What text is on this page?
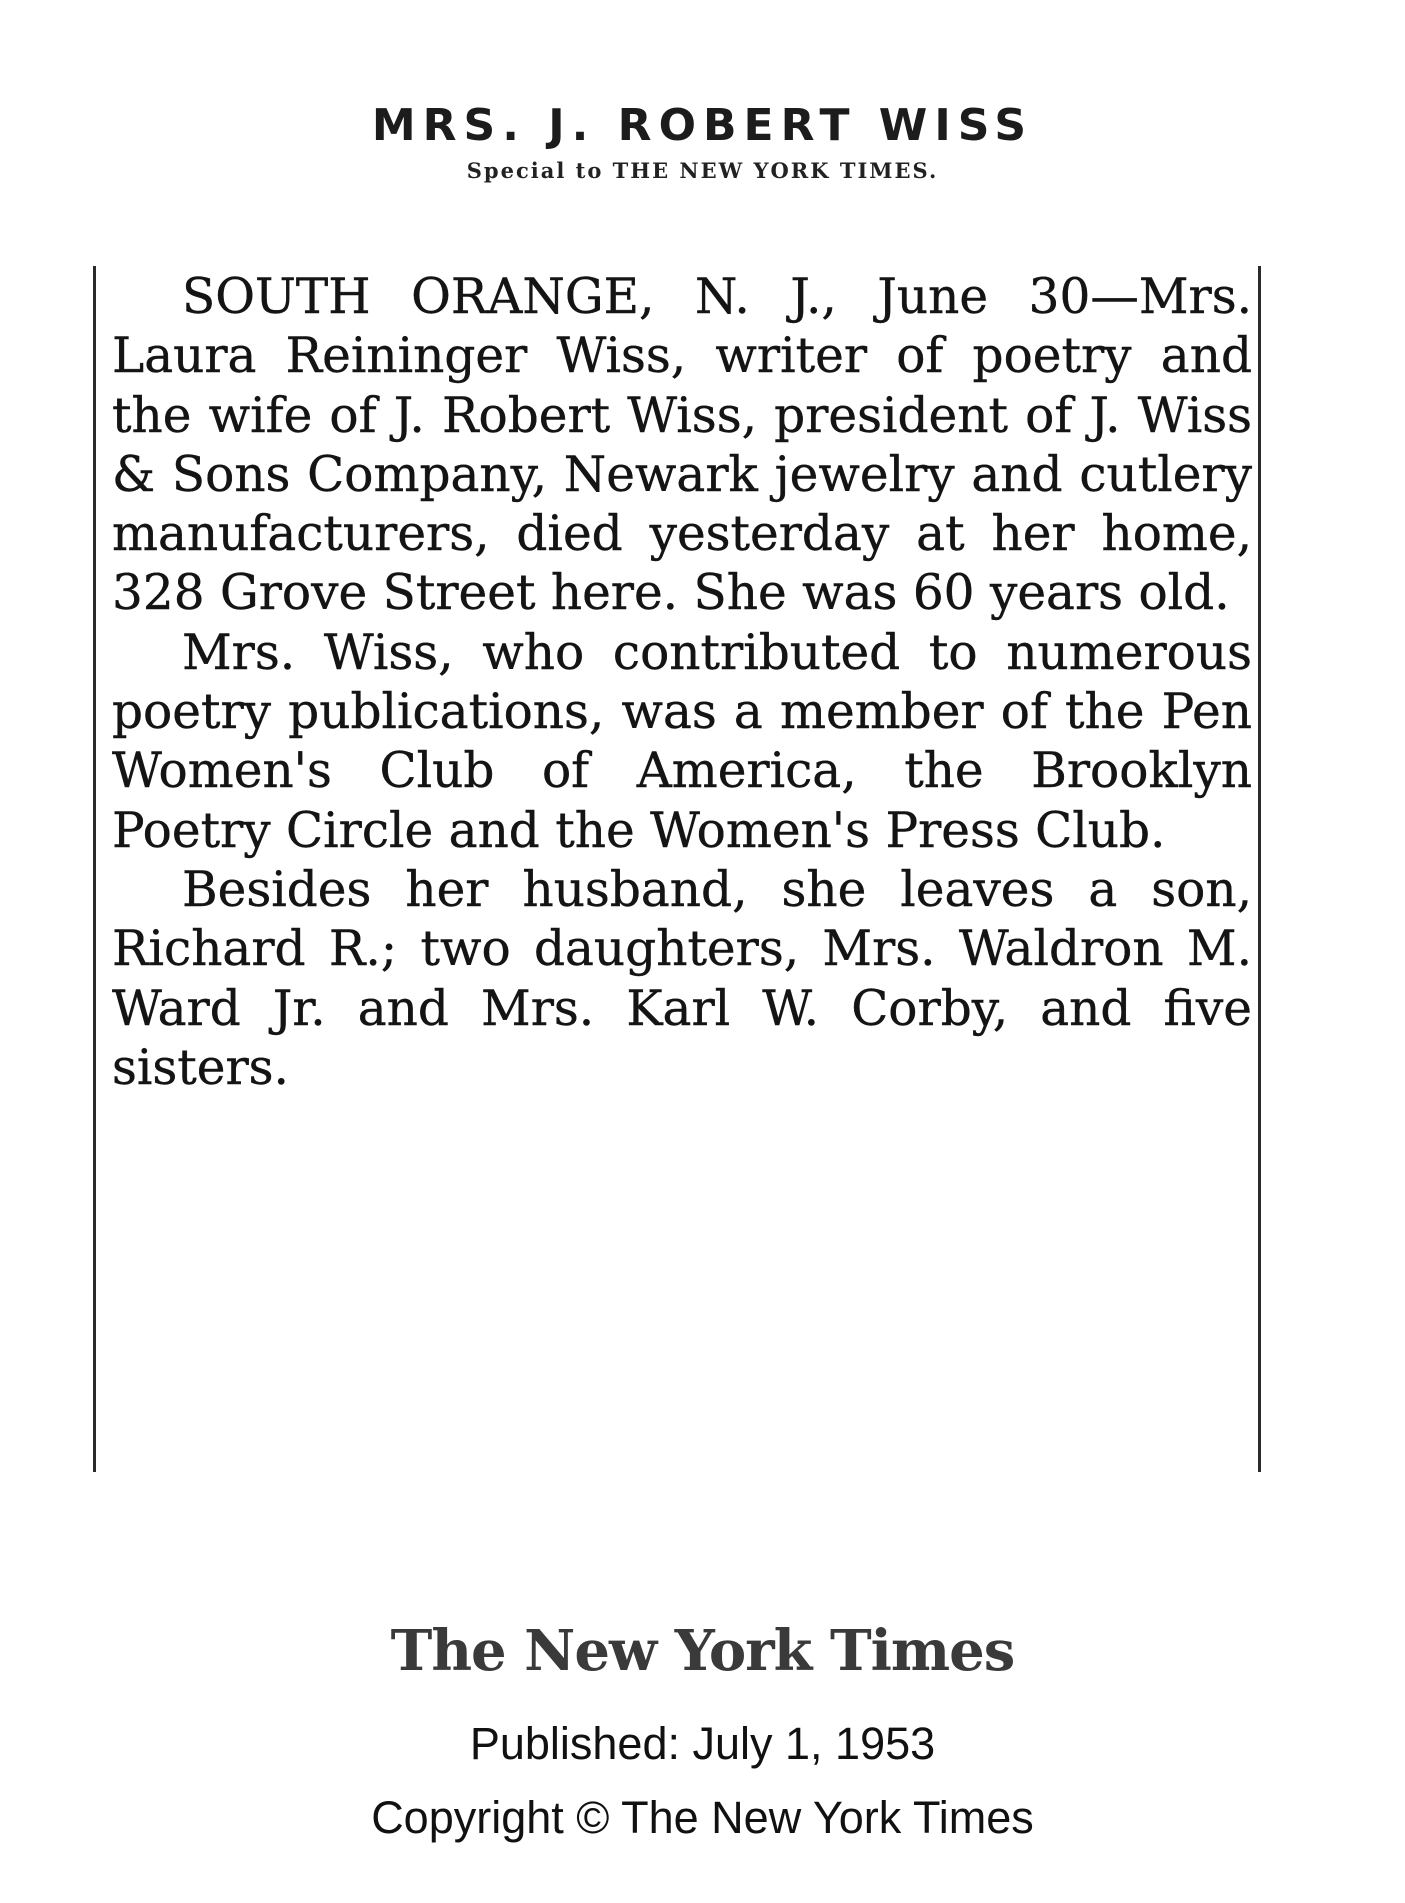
MRS. J. ROBERT WISS
Special to THE NEW YORK TIMES.

SOUTH ORANGE, N. J., June 30—Mrs. Laura Reininger Wiss, writer of poetry and the wife of J. Robert Wiss, president of J. Wiss & Sons Company, Newark jewelry and cutlery manufacturers, died yesterday at her home, 328 Grove Street here. She was 60 years old.

Mrs. Wiss, who contributed to numerous poetry publications, was a member of the Pen Women's Club of America, the Brooklyn Poetry Circle and the Women's Press Club.

Besides her husband, she leaves a son, Richard R.; two daughters, Mrs. Waldron M. Ward Jr. and Mrs. Karl W. Corby, and five sisters.

The New York Times
Published: July 1, 1953
Copyright © The New York Times
